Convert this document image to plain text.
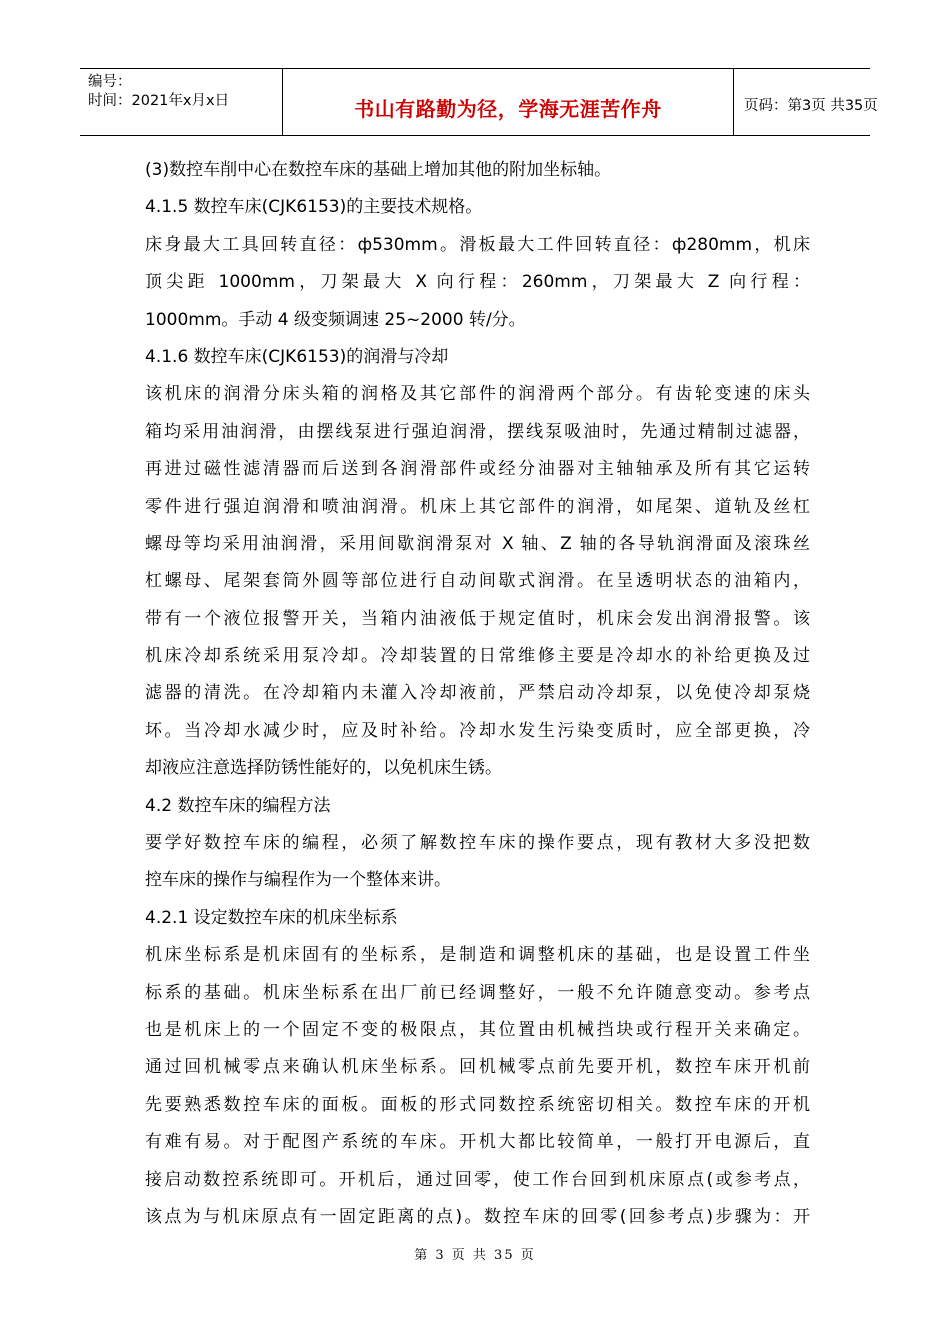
编号：
时间：2021年x月x日	书山有路勤为径，学海无涯苦作舟	页码：第3页 共35页
(3)数控车削中心在数控车床的基础上增加其他的附加坐标轴。
4.1.5 数控车床(CJK6153)的主要技术规格。
床身最大工具回转直径：ф530mm。滑板最大工件回转直径：ф280mm，机床
顶尖距 1000mm，刀架最大 X 向行程：260mm，刀架最大 Z 向行程：
1000mm。手动 4 级变频调速 25~2000 转/分。
4.1.6 数控车床(CJK6153)的润滑与冷却
该机床的润滑分床头箱的润格及其它部件的润滑两个部分。有齿轮变速的床头
箱均采用油润滑，由摆线泵进行强迫润滑，摆线泵吸油时，先通过精制过滤器，
再进过磁性滤清器而后送到各润滑部件或经分油器对主轴轴承及所有其它运转
零件进行强迫润滑和喷油润滑。机床上其它部件的润滑，如尾架、道轨及丝杠
螺母等均采用油润滑，采用间歇润滑泵对 X 轴、Z 轴的各导轨润滑面及滚珠丝
杠螺母、尾架套筒外圆等部位进行自动间歇式润滑。在呈透明状态的油箱内，
带有一个液位报警开关，当箱内油液低于规定值时，机床会发出润滑报警。该
机床冷却系统采用泵冷却。冷却装置的日常维修主要是冷却水的补给更换及过
滤器的清洗。在冷却箱内未灌入冷却液前，严禁启动冷却泵，以免使冷却泵烧
坏。当冷却水减少时，应及时补给。冷却水发生污染变质时，应全部更换，冷
却液应注意选择防锈性能好的，以免机床生锈。
4.2 数控车床的编程方法
要学好数控车床的编程，必须了解数控车床的操作要点，现有教材大多没把数
控车床的操作与编程作为一个整体来讲。
4.2.1 设定数控车床的机床坐标系
机床坐标系是机床固有的坐标系，是制造和调整机床的基础，也是设置工件坐
标系的基础。机床坐标系在出厂前已经调整好，一般不允许随意变动。参考点
也是机床上的一个固定不变的极限点，其位置由机械挡块或行程开关来确定。
通过回机械零点来确认机床坐标系。回机械零点前先要开机，数控车床开机前
先要熟悉数控车床的面板。面板的形式同数控系统密切相关。数控车床的开机
有难有易。对于配图产系统的车床。开机大都比较简单，一般打开电源后，直
接启动数控系统即可。开机后，通过回零，使工作台回到机床原点(或参考点，
该点为与机床原点有一固定距离的点)。数控车床的回零(回参考点)步骤为：开
第 3 页 共 35 页
